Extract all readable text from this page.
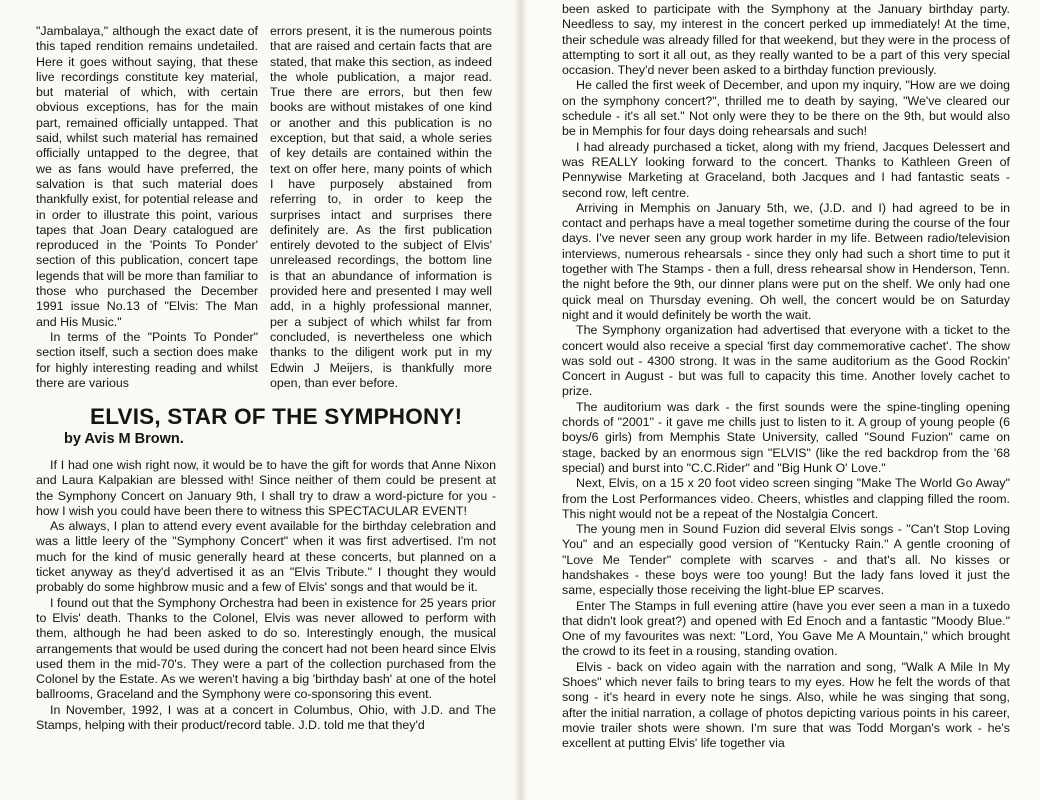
"Jambalaya," although the exact date of this taped rendition remains undetailed. Here it goes without saying, that these live recordings constitute key material, but material of which, with certain obvious exceptions, has for the main part, remained officially untapped. That said, whilst such material has remained officially untapped to the degree, that we as fans would have preferred, the salvation is that such material does thankfully exist, for potential release and in order to illustrate this point, various tapes that Joan Deary catalogued are reproduced in the 'Points To Ponder' section of this publication, concert tape legends that will be more than familiar to those who purchased the December 1991 issue No.13 of "Elvis: The Man and His Music."

In terms of the "Points To Ponder" section itself, such a section does make for highly interesting reading and whilst there are various

errors present, it is the numerous points that are raised and certain facts that are stated, that make this section, as indeed the whole publication, a major read. True there are errors, but then few books are without mistakes of one kind or another and this publication is no exception, but that said, a whole series of key details are contained within the text on offer here, many points of which I have purposely abstained from referring to, in order to keep the surprises intact and surprises there definitely are. As the first publication entirely devoted to the subject of Elvis' unreleased recordings, the bottom line is that an abundance of information is provided here and presented I may well add, in a highly professional manner, per a subject of which whilst far from concluded, is nevertheless one which thanks to the diligent work put in my Edwin J Meijers, is thankfully more open, than ever before.

ELVIS, STAR OF THE SYMPHONY!
by Avis M Brown.

If I had one wish right now, it would be to have the gift for words that Anne Nixon and Laura Kalpakian are blessed with! Since neither of them could be present at the Symphony Concert on January 9th, I shall try to draw a word-picture for you - how I wish you could have been there to witness this SPECTACULAR EVENT!

As always, I plan to attend every event available for the birthday celebration and was a little leery of the "Symphony Concert" when it was first advertised. I'm not much for the kind of music generally heard at these concerts, but planned on a ticket anyway as they'd advertised it as an "Elvis Tribute." I thought they would probably do some highbrow music and a few of Elvis' songs and that would be it.

I found out that the Symphony Orchestra had been in existence for 25 years prior to Elvis' death. Thanks to the Colonel, Elvis was never allowed to perform with them, although he had been asked to do so. Interestingly enough, the musical arrangements that would be used during the concert had not been heard since Elvis used them in the mid-70's. They were a part of the collection purchased from the Colonel by the Estate. As we weren't having a big 'birthday bash' at one of the hotel ballrooms, Graceland and the Symphony were co-sponsoring this event.

In November, 1992, I was at a concert in Columbus, Ohio, with J.D. and The Stamps, helping with their product/record table. J.D. told me that they'd

been asked to participate with the Symphony at the January birthday party. Needless to say, my interest in the concert perked up immediately! At the time, their schedule was already filled for that weekend, but they were in the process of attempting to sort it all out, as they really wanted to be a part of this very special occasion. They'd never been asked to a birthday function previously.

He called the first week of December, and upon my inquiry, "How are we doing on the symphony concert?", thrilled me to death by saying, "We've cleared our schedule - it's all set." Not only were they to be there on the 9th, but would also be in Memphis for four days doing rehearsals and such!

I had already purchased a ticket, along with my friend, Jacques Delessert and was REALLY looking forward to the concert. Thanks to Kathleen Green of Pennywise Marketing at Graceland, both Jacques and I had fantastic seats - second row, left centre.

Arriving in Memphis on January 5th, we, (J.D. and I) had agreed to be in contact and perhaps have a meal together sometime during the course of the four days. I've never seen any group work harder in my life. Between radio/television interviews, numerous rehearsals - since they only had such a short time to put it together with The Stamps - then a full, dress rehearsal show in Henderson, Tenn. the night before the 9th, our dinner plans were put on the shelf. We only had one quick meal on Thursday evening. Oh well, the concert would be on Saturday night and it would definitely be worth the wait.

The Symphony organization had advertised that everyone with a ticket to the concert would also receive a special 'first day commemorative cachet'. The show was sold out - 4300 strong. It was in the same auditorium as the Good Rockin' Concert in August - but was full to capacity this time. Another lovely cachet to prize.

The auditorium was dark - the first sounds were the spine-tingling opening chords of "2001" - it gave me chills just to listen to it. A group of young people (6 boys/6 girls) from Memphis State University, called "Sound Fuzion" came on stage, backed by an enormous sign "ELVIS" (like the red backdrop from the '68 special) and burst into "C.C.Rider" and "Big Hunk O' Love."

Next, Elvis, on a 15 x 20 foot video screen singing "Make The World Go Away" from the Lost Performances video. Cheers, whistles and clapping filled the room. This night would not be a repeat of the Nostalgia Concert.

The young men in Sound Fuzion did several Elvis songs - "Can't Stop Loving You" and an especially good version of "Kentucky Rain." A gentle crooning of "Love Me Tender" complete with scarves - and that's all. No kisses or handshakes - these boys were too young! But the lady fans loved it just the same, especially those receiving the light-blue EP scarves.

Enter The Stamps in full evening attire (have you ever seen a man in a tuxedo that didn't look great?) and opened with Ed Enoch and a fantastic "Moody Blue." One of my favourites was next: "Lord, You Gave Me A Mountain," which brought the crowd to its feet in a rousing, standing ovation.

Elvis - back on video again with the narration and song, "Walk A Mile In My Shoes" which never fails to bring tears to my eyes. How he felt the words of that song - it's heard in every note he sings. Also, while he was singing that song, after the initial narration, a collage of photos depicting various points in his career, movie trailer shots were shown. I'm sure that was Todd Morgan's work - he's excellent at putting Elvis' life together via
